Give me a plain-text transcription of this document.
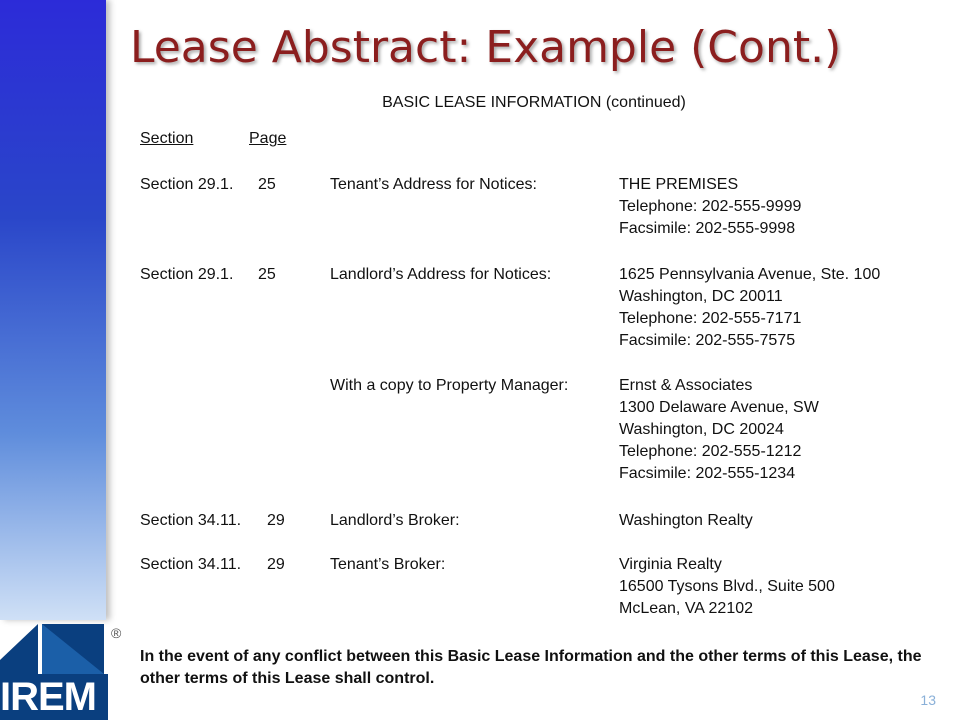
IREM
®
Lease Abstract: Example (Cont.)
BASIC LEASE INFORMATION (continued)
Section	Page
Section 29.1. 25	Tenant’s Address for Notices:	THE PREMISES
Telephone: 202-555-9999
Facsimile: 202-555-9998
Section 29.1. 25	Landlord’s Address for Notices:	1625 Pennsylvania Avenue, Ste. 100
Washington, DC 20011
Telephone: 202-555-7171
Facsimile: 202-555-7575
With a copy to Property Manager:	Ernst & Associates
1300 Delaware Avenue, SW
Washington, DC 20024
Telephone: 202-555-1212
Facsimile: 202-555-1234
Section 34.11. 29	Landlord’s Broker:	Washington Realty
Section 34.11. 29	Tenant’s Broker:	Virginia Realty
16500 Tysons Blvd., Suite 500
McLean, VA 22102
In the event of any conflict between this Basic Lease Information and the other terms of this Lease, the other terms of this Lease shall control.
13
